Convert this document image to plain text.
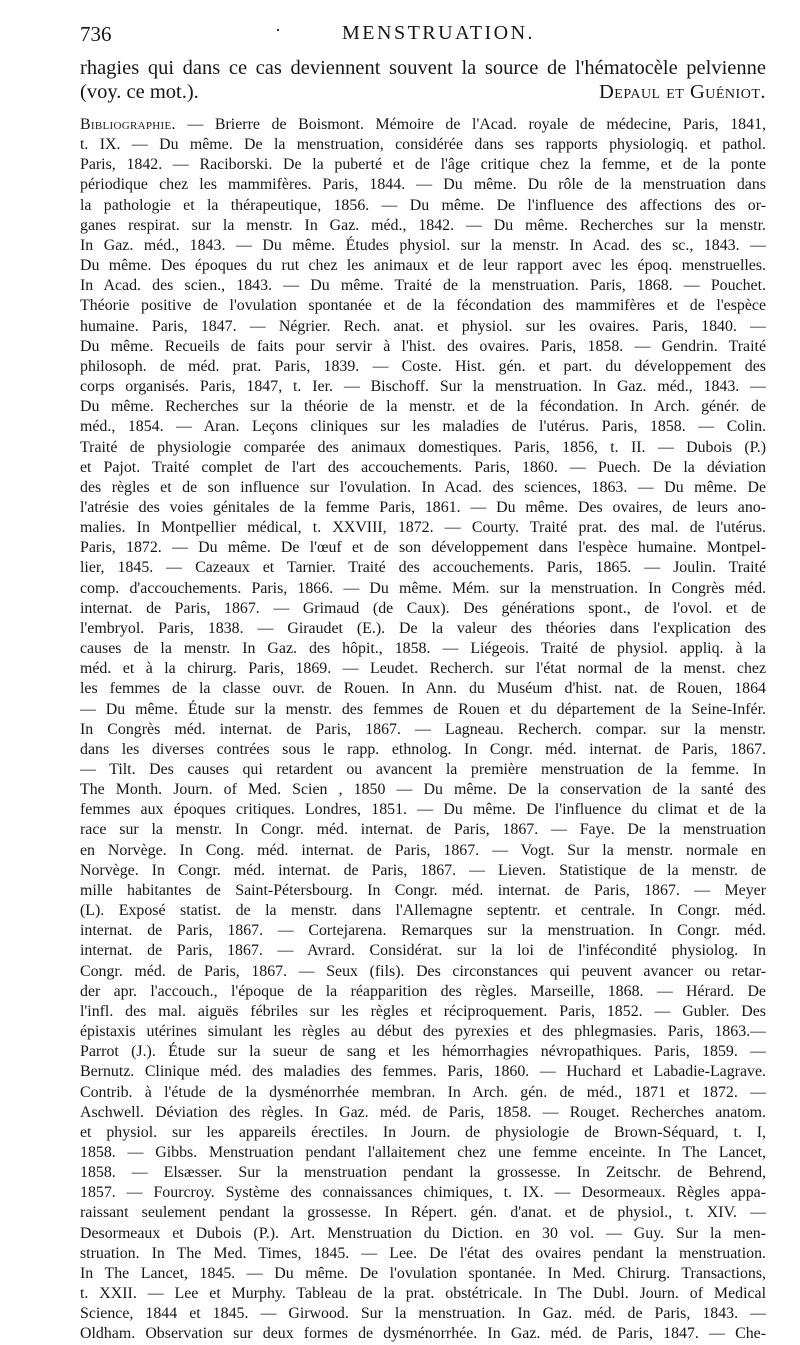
736	·	MENSTRUATION.
rhagies qui dans ce cas deviennent souvent la source de l'hématocèle pelvienne
(voy. ce mot.).	Depaul et Guéniot.
Bibliographie. — Brierre de Boismont. Mémoire de l'Acad. royale de médecine, Paris, 1841,
t. IX. — Du même. De la menstruation, considérée dans ses rapports physiologiq. et pathol.
Paris, 1842. — Raciborski. De la puberté et de l'âge critique chez la femme, et de la ponte
périodique chez les mammifères. Paris, 1844. — Du même. Du rôle de la menstruation dans
la pathologie et la thérapeutique, 1856. — Du même. De l'influence des affections des or-
ganes respirat. sur la menstr. In Gaz. méd., 1842. — Du même. Recherches sur la menstr.
In Gaz. méd., 1843. — Du même. Études physiol. sur la menstr. In Acad. des sc., 1843. —
Du même. Des époques du rut chez les animaux et de leur rapport avec les époq. menstruelles.
In Acad. des scien., 1843. — Du même. Traité de la menstruation. Paris, 1868. — Pouchet.
Théorie positive de l'ovulation spontanée et de la fécondation des mammifères et de l'espèce
humaine. Paris, 1847. — Négrier. Rech. anat. et physiol. sur les ovaires. Paris, 1840. —
Du même. Recueils de faits pour servir à l'hist. des ovaires. Paris, 1858. — Gendrin. Traité
philosoph. de méd. prat. Paris, 1839. — Coste. Hist. gén. et part. du développement des
corps organisés. Paris, 1847, t. Ier. — Bischoff. Sur la menstruation. In Gaz. méd., 1843. —
Du même. Recherches sur la théorie de la menstr. et de la fécondation. In Arch. génér. de
méd., 1854. — Aran. Leçons cliniques sur les maladies de l'utérus. Paris, 1858. — Colin.
Traité de physiologie comparée des animaux domestiques. Paris, 1856, t. II. — Dubois (P.)
et Pajot. Traité complet de l'art des accouchements. Paris, 1860. — Puech. De la déviation
des règles et de son influence sur l'ovulation. In Acad. des sciences, 1863. — Du même. De
l'atrésie des voies génitales de la femme Paris, 1861. — Du même. Des ovaires, de leurs ano-
malies. In Montpellier médical, t. XXVIII, 1872. — Courty. Traité prat. des mal. de l'utérus.
Paris, 1872. — Du même. De l'œuf et de son développement dans l'espèce humaine. Montpel-
lier, 1845. — Cazeaux et Tarnier. Traité des accouchements. Paris, 1865. — Joulin. Traité
comp. d'accouchements. Paris, 1866. — Du même. Mém. sur la menstruation. In Congrès méd.
internat. de Paris, 1867. — Grimaud (de Caux). Des générations spont., de l'ovol. et de
l'embryol. Paris, 1838. — Giraudet (E.). De la valeur des théories dans l'explication des
causes de la menstr. In Gaz. des hôpit., 1858. — Liégeois. Traité de physiol. appliq. à la
méd. et à la chirurg. Paris, 1869. — Leudet. Recherch. sur l'état normal de la menst. chez
les femmes de la classe ouvr. de Rouen. In Ann. du Muséum d'hist. nat. de Rouen, 1864
— Du même. Étude sur la menstr. des femmes de Rouen et du département de la Seine-Infér.
In Congrès méd. internat. de Paris, 1867. — Lagneau. Recherch. compar. sur la menstr.
dans les diverses contrées sous le rapp. ethnolog. In Congr. méd. internat. de Paris, 1867.
— Tilt. Des causes qui retardent ou avancent la première menstruation de la femme. In
The Month. Journ. of Med. Scien , 1850 — Du même. De la conservation de la santé des
femmes aux époques critiques. Londres, 1851. — Du même. De l'influence du climat et de la
race sur la menstr. In Congr. méd. internat. de Paris, 1867. — Faye. De la menstruation
en Norvège. In Cong. méd. internat. de Paris, 1867. — Vogt. Sur la menstr. normale en
Norvège. In Congr. méd. internat. de Paris, 1867. — Lieven. Statistique de la menstr. de
mille habitantes de Saint-Pétersbourg. In Congr. méd. internat. de Paris, 1867. — Meyer
(L). Exposé statist. de la menstr. dans l'Allemagne septentr. et centrale. In Congr. méd.
internat. de Paris, 1867. — Cortejarena. Remarques sur la menstruation. In Congr. méd.
internat. de Paris, 1867. — Avrard. Considérat. sur la loi de l'infécondité physiolog. In
Congr. méd. de Paris, 1867. — Seux (fils). Des circonstances qui peuvent avancer ou retar-
der apr. l'accouch., l'époque de la réapparition des règles. Marseille, 1868. — Hérard. De
l'infl. des mal. aiguës fébriles sur les règles et réciproquement. Paris, 1852. — Gubler. Des
épistaxis utérines simulant les règles au début des pyrexies et des phlegmasies. Paris, 1863.—
Parrot (J.). Étude sur la sueur de sang et les hémorrhagies névropathiques. Paris, 1859. —
Bernutz. Clinique méd. des maladies des femmes. Paris, 1860. — Huchard et Labadie-Lagrave.
Contrib. à l'étude de la dysménorrhée membran. In Arch. gén. de méd., 1871 et 1872. —
Aschwell. Déviation des règles. In Gaz. méd. de Paris, 1858. — Rouget. Recherches anatom.
et physiol. sur les appareils érectiles. In Journ. de physiologie de Brown-Séquard, t. I,
1858. — Gibbs. Menstruation pendant l'allaitement chez une femme enceinte. In The Lancet,
1858. — Elsæsser. Sur la menstruation pendant la grossesse. In Zeitschr. de Behrend,
1857. — Fourcroy. Système des connaissances chimiques, t. IX. — Desormeaux. Règles appa-
raissant seulement pendant la grossesse. In Répert. gén. d'anat. et de physiol., t. XIV. —
Desormeaux et Dubois (P.). Art. Menstruation du Diction. en 30 vol. — Guy. Sur la men-
struation. In The Med. Times, 1845. — Lee. De l'état des ovaires pendant la menstruation.
In The Lancet, 1845. — Du même. De l'ovulation spontanée. In Med. Chirurg. Transactions,
t. XXII. — Lee et Murphy. Tableau de la prat. obstétricale. In The Dubl. Journ. of Medical
Science, 1844 et 1845. — Girwood. Sur la menstruation. In Gaz. méd. de Paris, 1843. —
Oldham. Observation sur deux formes de dysménorrhée. In Gaz. méd. de Paris, 1847. — Che-
